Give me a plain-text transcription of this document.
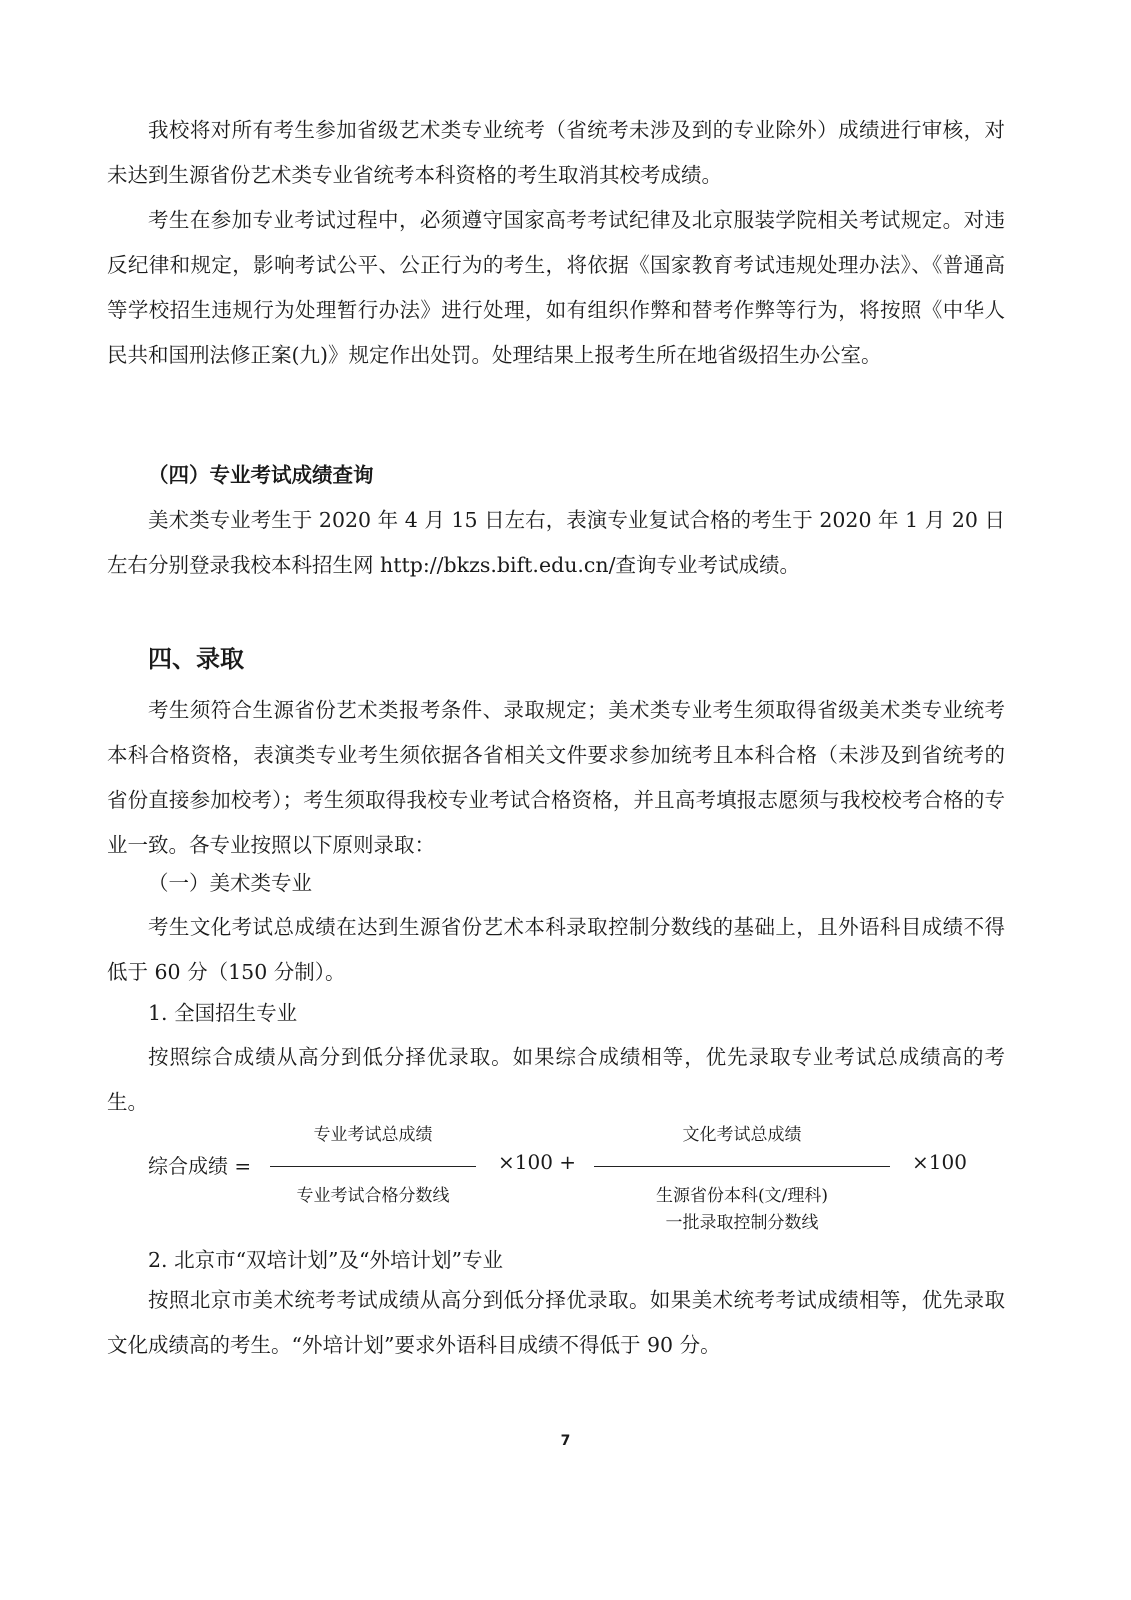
我校将对所有考生参加省级艺术类专业统考（省统考未涉及到的专业除外）成绩进行审核，对未达到生源省份艺术类专业省统考本科资格的考生取消其校考成绩。

考生在参加专业考试过程中，必须遵守国家高考考试纪律及北京服装学院相关考试规定。对违反纪律和规定，影响考试公平、公正行为的考生，将依据《国家教育考试违规处理办法》、《普通高等学校招生违规行为处理暂行办法》进行处理，如有组织作弊和替考作弊等行为，将按照《中华人民共和国刑法修正案(九)》规定作出处罚。处理结果上报考生所在地省级招生办公室。

（四）专业考试成绩查询

美术类专业考生于 2020 年 4 月 15 日左右，表演专业复试合格的考生于 2020 年 1 月 20 日左右分别登录我校本科招生网 http://bkzs.bift.edu.cn/查询专业考试成绩。

四、录取

考生须符合生源省份艺术类报考条件、录取规定；美术类专业考生须取得省级美术类专业统考本科合格资格，表演类专业考生须依据各省相关文件要求参加统考且本科合格（未涉及到省统考的省份直接参加校考）；考生须取得我校专业考试合格资格，并且高考填报志愿须与我校校考合格的专业一致。各专业按照以下原则录取：

（一）美术类专业

考生文化考试总成绩在达到生源省份艺术本科录取控制分数线的基础上，且外语科目成绩不得低于 60 分（150 分制）。

1. 全国招生专业

按照综合成绩从高分到低分择优录取。如果综合成绩相等，优先录取专业考试总成绩高的考生。

综合成绩 =
专业考试总成绩
专业考试合格分数线
×100 +
文化考试总成绩
生源省份本科(文/理科)
一批录取控制分数线
×100
2. 北京市“双培计划”及“外培计划”专业

按照北京市美术统考考试成绩从高分到低分择优录取。如果美术统考考试成绩相等，优先录取文化成绩高的考生。“外培计划”要求外语科目成绩不得低于 90 分。

7
